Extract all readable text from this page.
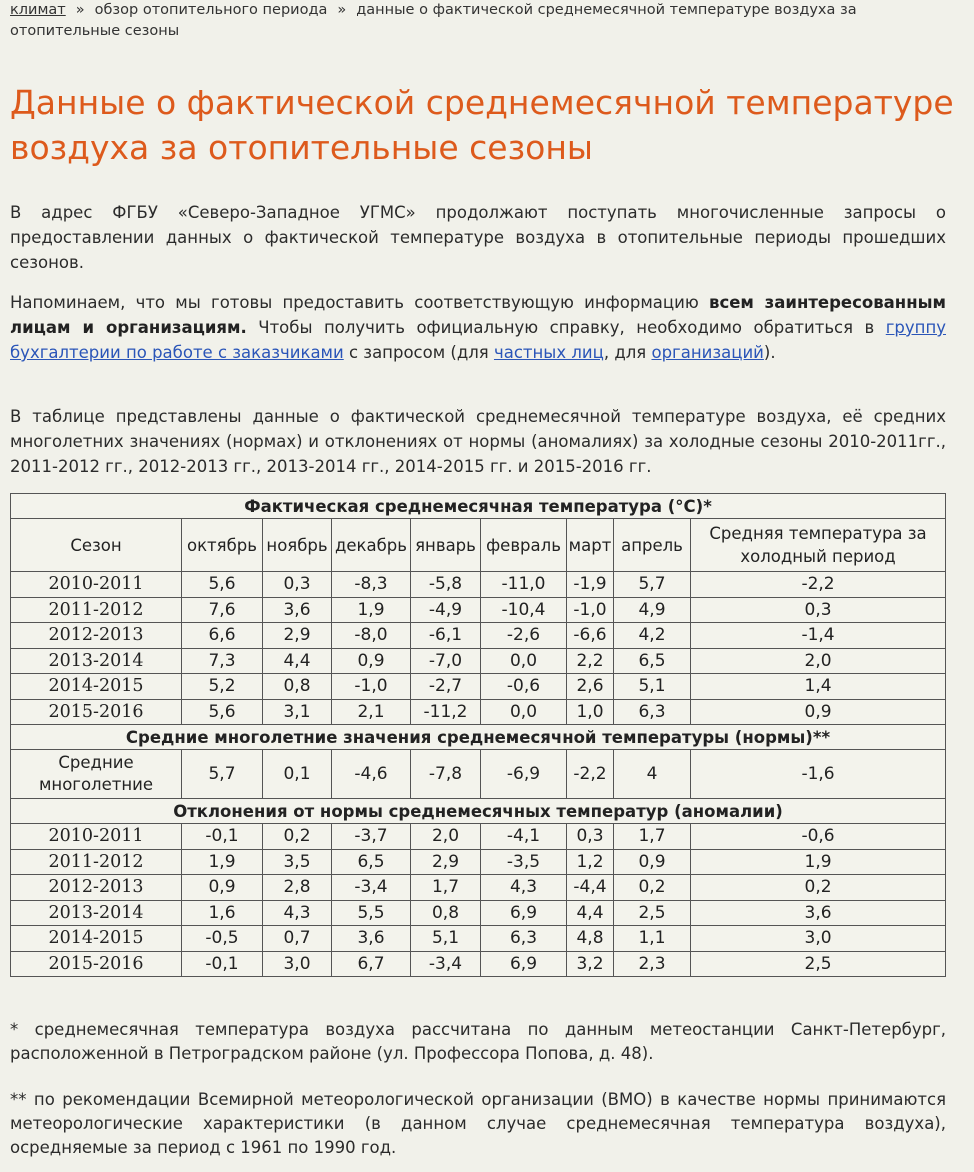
климат » обзор отопительного периода » данные о фактической среднемесячной температуре воздуха за отопительные сезоны
Данные о фактической среднемесячной температуре воздуха за отопительные сезоны

В адрес ФГБУ «Северо-Западное УГМС» продолжают поступать многочисленные запросы о предоставлении данных о фактической температуре воздуха в отопительные периоды прошедших сезонов.

Напоминаем, что мы готовы предоставить соответствующую информацию всем заинтересованным лицам и организациям. Чтобы получить официальную справку, необходимо обратиться в группу бухгалтерии по работе с заказчиками с запросом (для частных лиц, для организаций).

В таблице представлены данные о фактической среднемесячной температуре воздуха, её средних многолетних значениях (нормах) и отклонениях от нормы (аномалиях) за холодные сезоны 2010-2011гг., 2011-2012 гг., 2012-2013 гг., 2013-2014 гг., 2014-2015 гг. и 2015-2016 гг.

Фактическая среднемесячная температура (°С)*								
Сезон	октябрь	ноябрь	декабрь	январь	февраль	март	апрель	Средняя температура за холодный период
2010-2011	5,6	0,3	-8,3	-5,8	-11,0	-1,9	5,7	-2,2
2011-2012	7,6	3,6	1,9	-4,9	-10,4	-1,0	4,9	0,3
2012-2013	6,6	2,9	-8,0	-6,1	-2,6	-6,6	4,2	-1,4
2013-2014	7,3	4,4	0,9	-7,0	0,0	2,2	6,5	2,0
2014-2015	5,2	0,8	-1,0	-2,7	-0,6	2,6	5,1	1,4
2015-2016	5,6	3,1	2,1	-11,2	0,0	1,0	6,3	0,9
Средние многолетние значения среднемесячной температуры (нормы)**								
Средние многолетние	5,7	0,1	-4,6	-7,8	-6,9	-2,2	4	-1,6
Отклонения от нормы среднемесячных температур (аномалии)								
2010-2011	-0,1	0,2	-3,7	2,0	-4,1	0,3	1,7	-0,6
2011-2012	1,9	3,5	6,5	2,9	-3,5	1,2	0,9	1,9
2012-2013	0,9	2,8	-3,4	1,7	4,3	-4,4	0,2	0,2
2013-2014	1,6	4,3	5,5	0,8	6,9	4,4	2,5	3,6
2014-2015	-0,5	0,7	3,6	5,1	6,3	4,8	1,1	3,0
2015-2016	-0,1	3,0	6,7	-3,4	6,9	3,2	2,3	2,5

* среднемесячная температура воздуха рассчитана по данным метеостанции Санкт-Петербург, расположенной в Петроградском районе (ул. Профессора Попова, д. 48).

** по рекомендации Всемирной метеорологической организации (ВМО) в качестве нормы принимаются метеорологические характеристики (в данном случае среднемесячная температура воздуха), осредняемые за период с 1961 по 1990 год.
